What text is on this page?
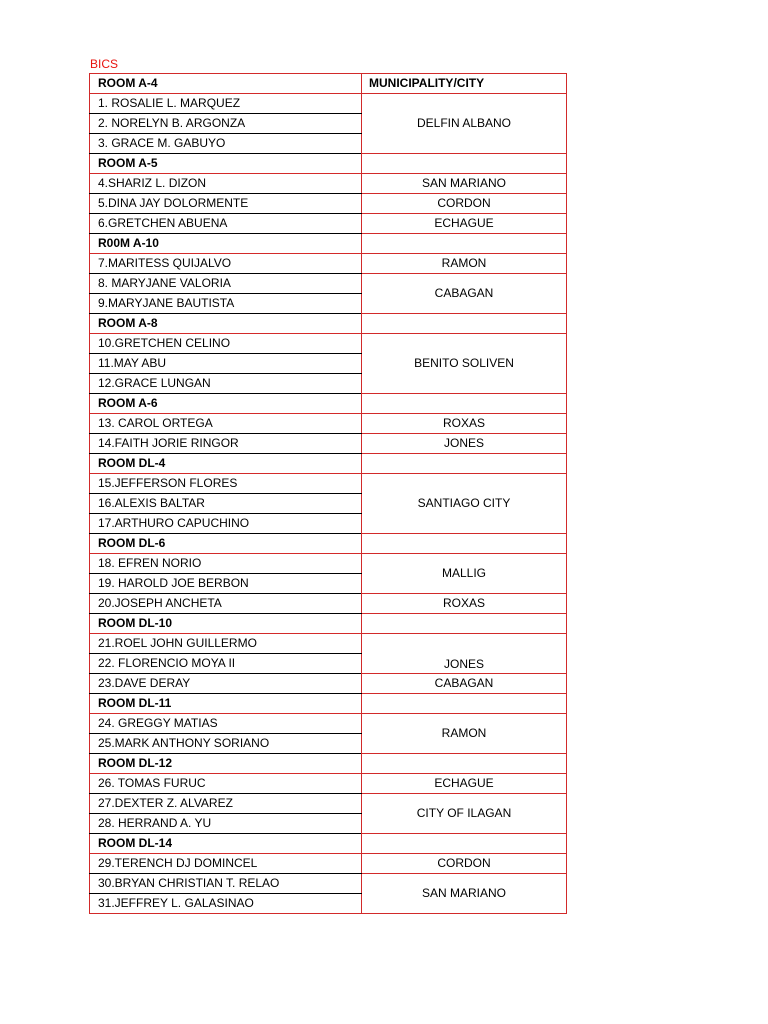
BICS
ROOM A-4	MUNICIPALITY/CITY
1. ROSALIE L. MARQUEZ	DELFIN ALBANO
2. NORELYN B. ARGONZA	
3. GRACE M. GABUYO	
ROOM A-5	
4.SHARIZ L. DIZON	SAN MARIANO
5.DINA JAY DOLORMENTE	CORDON
6.GRETCHEN ABUENA	ECHAGUE
R00M A-10	
7.MARITESS QUIJALVO	RAMON
8. MARYJANE VALORIA	CABAGAN
9.MARYJANE BAUTISTA	
ROOM A-8	
10.GRETCHEN CELINO	BENITO SOLIVEN
11.MAY ABU	
12.GRACE LUNGAN	
ROOM A-6	
13. CAROL ORTEGA	ROXAS
14.FAITH JORIE RINGOR	JONES
ROOM DL-4	
15.JEFFERSON FLORES	SANTIAGO CITY
16.ALEXIS BALTAR	
17.ARTHURO CAPUCHINO	
ROOM DL-6	
18. EFREN NORIO	MALLIG
19. HAROLD JOE BERBON	
20.JOSEPH ANCHETA	ROXAS
ROOM DL-10	
21.ROEL JOHN GUILLERMO	JONES
22. FLORENCIO MOYA II	
23.DAVE DERAY	CABAGAN
ROOM DL-11	
24. GREGGY MATIAS	RAMON
25.MARK ANTHONY SORIANO	
ROOM DL-12	
26. TOMAS FURUC	ECHAGUE
27.DEXTER Z. ALVAREZ	CITY OF ILAGAN
28. HERRAND A. YU	
ROOM DL-14	
29.TERENCH DJ DOMINCEL	CORDON
30.BRYAN CHRISTIAN T. RELAO	SAN MARIANO
31.JEFFREY L. GALASINAO	
